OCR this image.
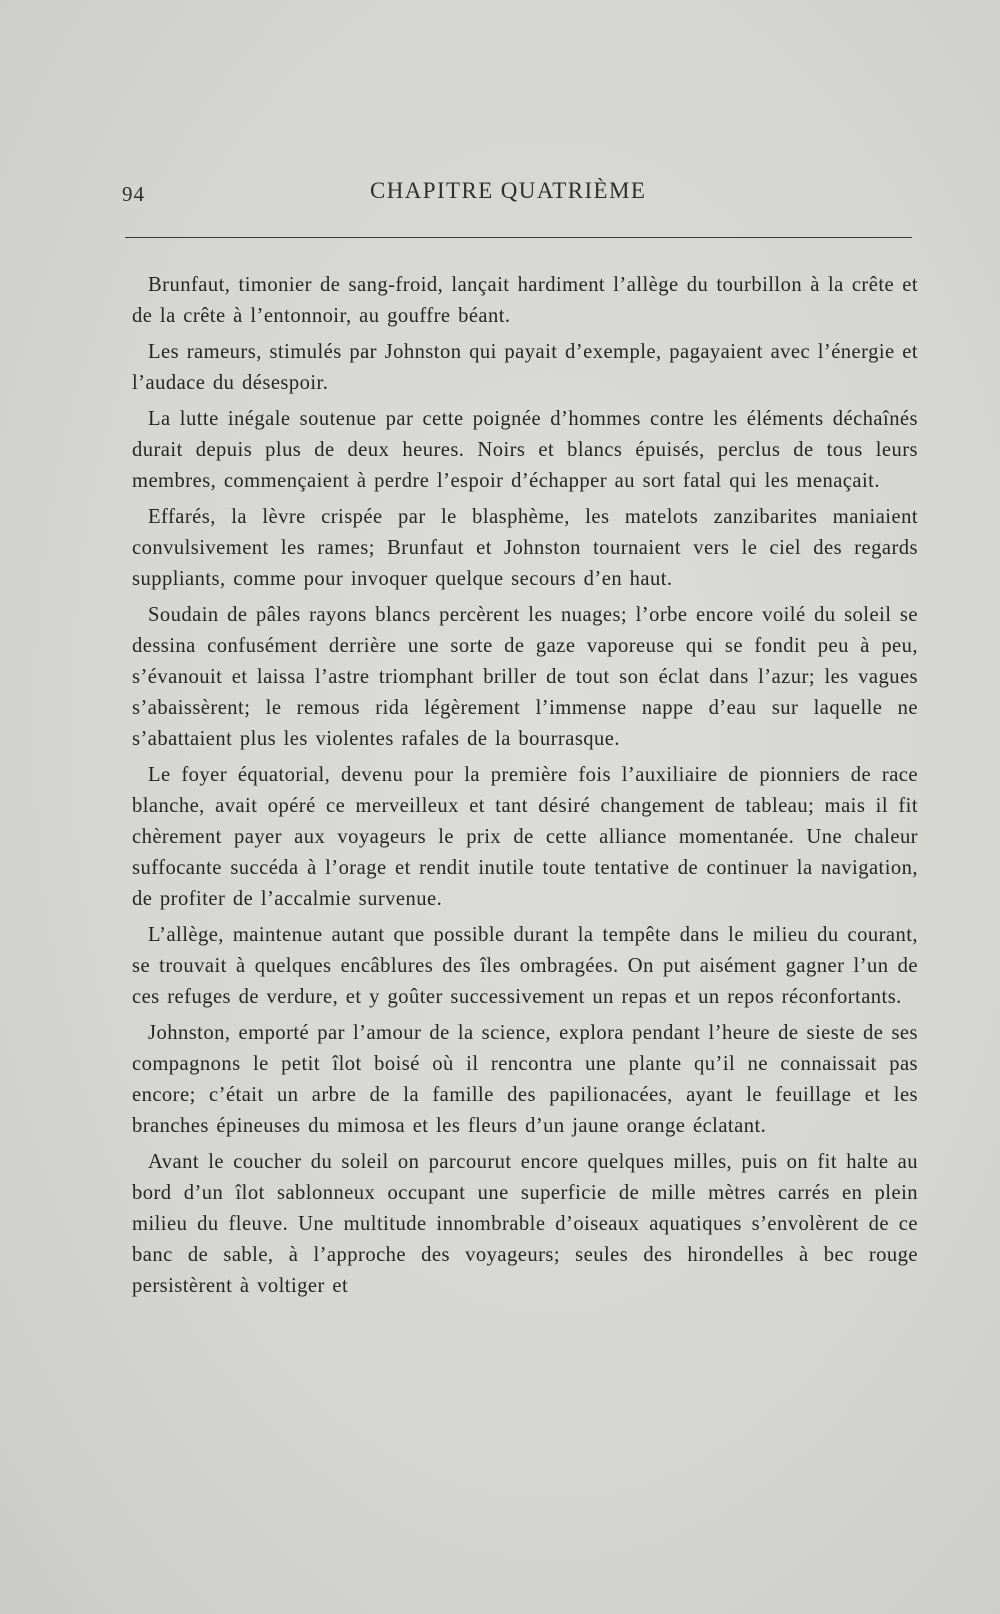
94	CHAPITRE QUATRIÈME

Brunfaut, timonier de sang-froid, lançait hardiment l’allège du tourbillon à la crête et de la crête à l’entonnoir, au gouffre béant.

Les rameurs, stimulés par Johnston qui payait d’exemple, pagayaient avec l’énergie et l’audace du désespoir.

La lutte inégale soutenue par cette poignée d’hommes contre les éléments déchaînés durait depuis plus de deux heures. Noirs et blancs épuisés, perclus de tous leurs membres, commençaient à perdre l’espoir d’échapper au sort fatal qui les menaçait.

Effarés, la lèvre crispée par le blasphème, les matelots zanzibarites maniaient convulsivement les rames; Brunfaut et Johnston tournaient vers le ciel des regards suppliants, comme pour invoquer quelque secours d’en haut.

Soudain de pâles rayons blancs percèrent les nuages; l’orbe encore voilé du soleil se dessina confusément derrière une sorte de gaze vaporeuse qui se fondit peu à peu, s’évanouit et laissa l’astre triomphant briller de tout son éclat dans l’azur; les vagues s’abaissèrent; le remous rida légèrement l’immense nappe d’eau sur laquelle ne s’abattaient plus les violentes rafales de la bourrasque.

Le foyer équatorial, devenu pour la première fois l’auxiliaire de pionniers de race blanche, avait opéré ce merveilleux et tant désiré changement de tableau; mais il fit chèrement payer aux voyageurs le prix de cette alliance momentanée. Une chaleur suffocante succéda à l’orage et rendit inutile toute tentative de continuer la navigation, de profiter de l’accalmie survenue.

L’allège, maintenue autant que possible durant la tempête dans le milieu du courant, se trouvait à quelques encâblures des îles ombragées. On put aisément gagner l’un de ces refuges de verdure, et y goûter successivement un repas et un repos réconfortants.

Johnston, emporté par l’amour de la science, explora pendant l’heure de sieste de ses compagnons le petit îlot boisé où il rencontra une plante qu’il ne connaissait pas encore; c’était un arbre de la famille des papilionacées, ayant le feuillage et les branches épineuses du mimosa et les fleurs d’un jaune orange éclatant.

Avant le coucher du soleil on parcourut encore quelques milles, puis on fit halte au bord d’un îlot sablonneux occupant une superficie de mille mètres carrés en plein milieu du fleuve. Une multitude innombrable d’oiseaux aquatiques s’envolèrent de ce banc de sable, à l’approche des voyageurs; seules des hirondelles à bec rouge persistèrent à voltiger et
